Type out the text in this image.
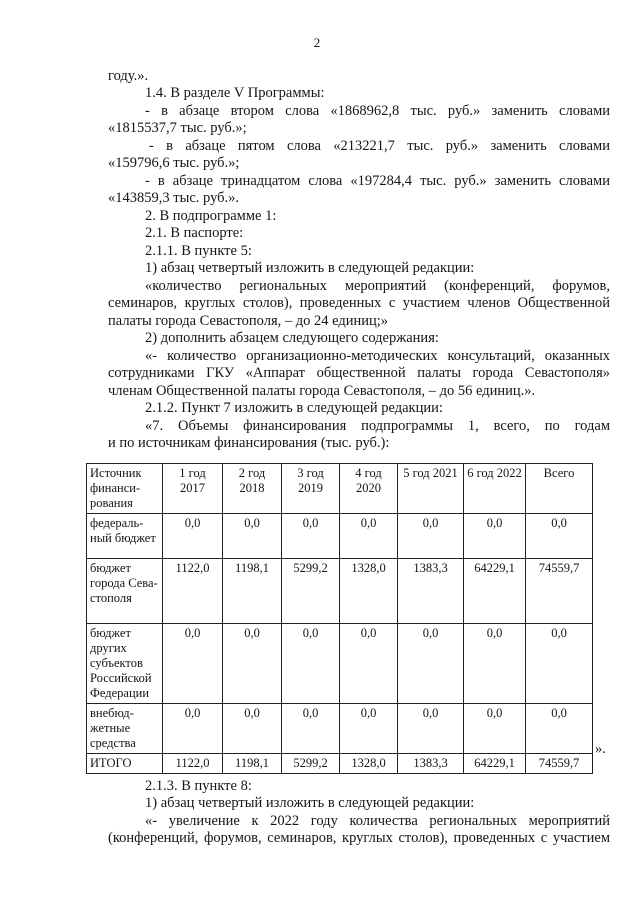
2
году.».
1.4. В разделе V Программы:
- в абзаце втором слова «1868962,8 тыс. руб.» заменить словами
«1815537,7 тыс. руб.»;
- в абзаце пятом слова «213221,7 тыс. руб.» заменить словами
«159796,6 тыс. руб.»;
- в абзаце тринадцатом слова «197284,4 тыс. руб.» заменить словами
«143859,3 тыс. руб.».
2. В подпрограмме 1:
2.1. В паспорте:
2.1.1. В пункте 5:
1) абзац четвертый изложить в следующей редакции:
«количество региональных мероприятий (конференций, форумов,
семинаров, круглых столов), проведенных с участием членов Общественной
палаты города Севастополя, – до 24 единиц;»
2) дополнить абзацем следующего содержания:
«- количество организационно-методических консультаций, оказанных
сотрудниками ГКУ «Аппарат общественной палаты города Севастополя»
членам Общественной палаты города Севастополя, – до 56 единиц.».
2.1.2. Пункт 7 изложить в следующей редакции:
«7. Объемы финансирования подпрограммы 1, всего, по годам
и по источникам финансирования (тыс. руб.):
Источник финанси- рования	1 год 2017	2 год 2018	3 год 2019	4 год 2020	5 год 2021	6 год 2022	Всего
федераль- ный бюджет	0,0	0,0	0,0	0,0	0,0	0,0	0,0
бюджет города Сева- стополя	1122,0	1198,1	5299,2	1328,0	1383,3	64229,1	74559,7
бюджет других субъектов Российской Федерации	0,0	0,0	0,0	0,0	0,0	0,0	0,0
внебюд- жетные средства	0,0	0,0	0,0	0,0	0,0	0,0	0,0
ИТОГО	1122,0	1198,1	5299,2	1328,0	1383,3	64229,1	74559,7
».
2.1.3. В пункте 8:
1) абзац четвертый изложить в следующей редакции:
«- увеличение к 2022 году количества региональных мероприятий
(конференций, форумов, семинаров, круглых столов), проведенных с участием
